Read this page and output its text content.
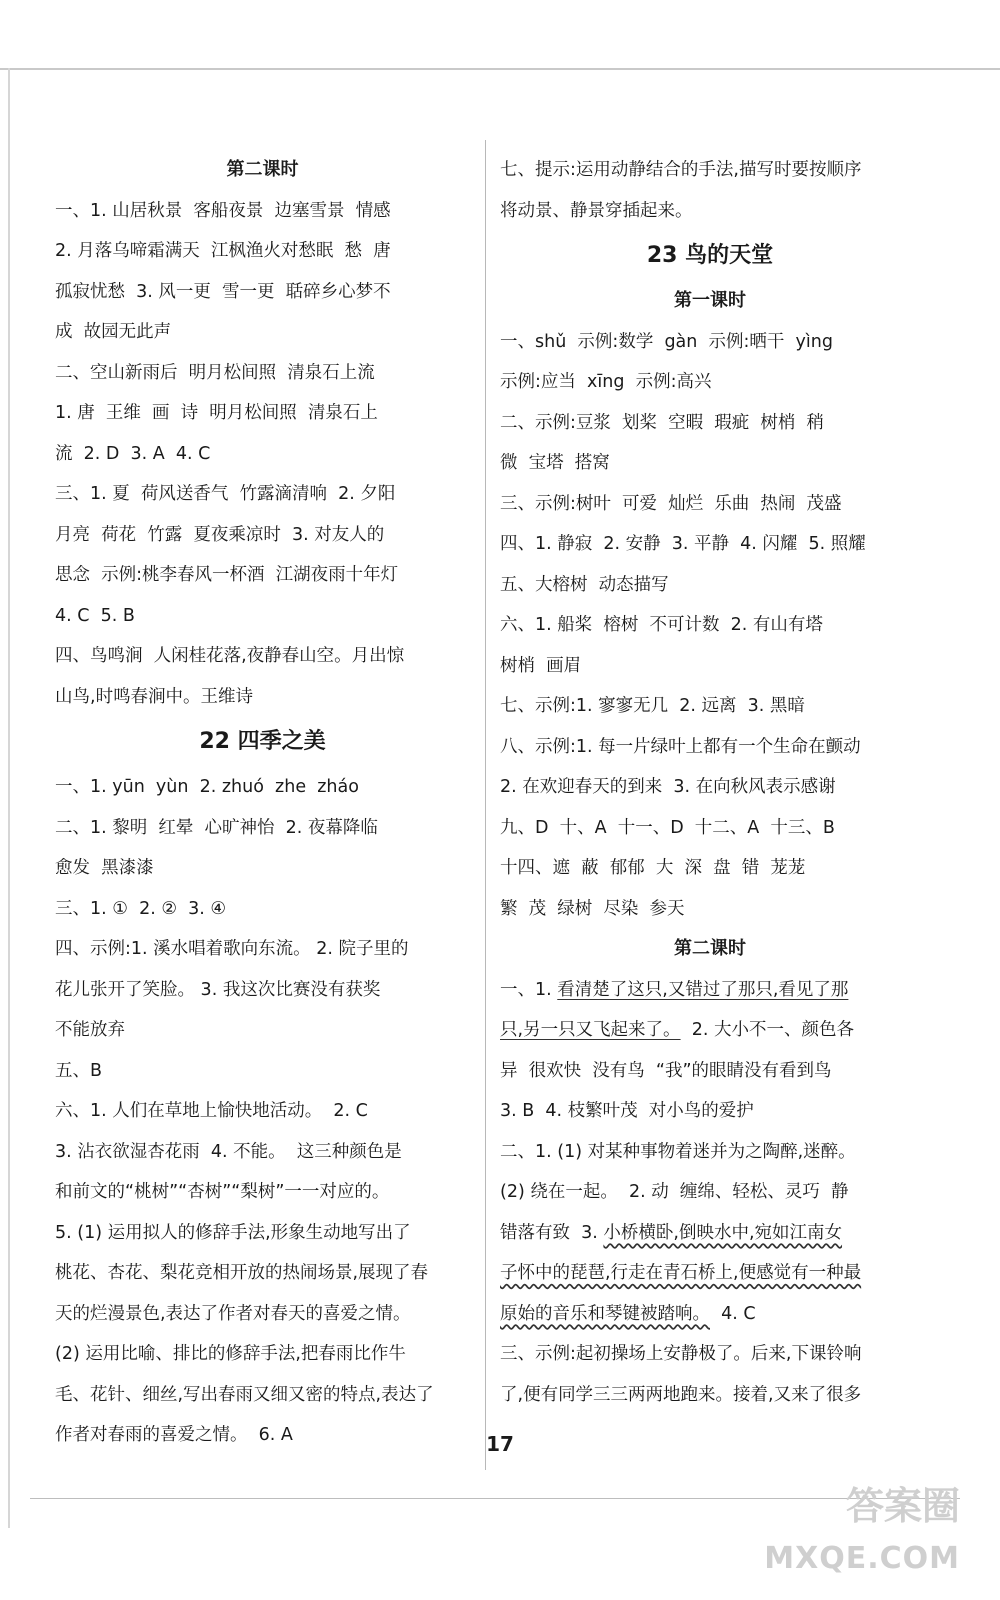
第二课时
一、1. 山居秋景  客船夜景  边塞雪景  情感
2. 月落乌啼霜满天  江枫渔火对愁眠  愁  唐
孤寂忧愁  3. 风一更  雪一更  聒碎乡心梦不
成  故园无此声
二、空山新雨后  明月松间照  清泉石上流
1. 唐  王维  画  诗  明月松间照  清泉石上
流  2. D  3. A  4. C
三、1. 夏  荷风送香气  竹露滴清响  2. 夕阳
月亮  荷花  竹露  夏夜乘凉时  3. 对友人的
思念  示例:桃李春风一杯酒  江湖夜雨十年灯
4. C  5. B
四、鸟鸣涧  人闲桂花落,夜静春山空。月出惊
山鸟,时鸣春涧中。王维诗
22 四季之美
一、1. yūn  yùn  2. zhuó  zhe  zháo
二、1. 黎明  红晕  心旷神怡  2. 夜幕降临
愈发  黑漆漆
三、1. ①  2. ②  3. ④
四、示例:1. 溪水唱着歌向东流。 2. 院子里的
花儿张开了笑脸。 3. 我这次比赛没有获奖
不能放弃
五、B
六、1. 人们在草地上愉快地活动。  2. C
3. 沾衣欲湿杏花雨  4. 不能。  这三种颜色是
和前文的“桃树”“杏树”“梨树”一一对应的。
5. (1) 运用拟人的修辞手法,形象生动地写出了
桃花、杏花、梨花竞相开放的热闹场景,展现了春
天的烂漫景色,表达了作者对春天的喜爱之情。
(2) 运用比喻、排比的修辞手法,把春雨比作牛
毛、花针、细丝,写出春雨又细又密的特点,表达了
作者对春雨的喜爱之情。  6. A
七、提示:运用动静结合的手法,描写时要按顺序
将动景、静景穿插起来。
23 鸟的天堂
第一课时
一、shǔ  示例:数学  gàn  示例:晒干  yìng
示例:应当  xīng  示例:高兴
二、示例:豆浆  划桨  空暇  瑕疵  树梢  稍
微  宝塔  搭窝
三、示例:树叶  可爱  灿烂  乐曲  热闹  茂盛
四、1. 静寂  2. 安静  3. 平静  4. 闪耀  5. 照耀
五、大榕树  动态描写
六、1. 船桨  榕树  不可计数  2. 有山有塔
树梢  画眉
七、示例:1. 寥寥无几  2. 远离  3. 黑暗
八、示例:1. 每一片绿叶上都有一个生命在颤动
2. 在欢迎春天的到来  3. 在向秋风表示感谢
九、D  十、A  十一、D  十二、A  十三、B
十四、遮  蔽  郁郁  大  深  盘  错  茏茏
繁  茂  绿树  尽染  参天
第二课时
一、1. 看清楚了这只,又错过了那只,看见了那
只,另一只又飞起来了。  2. 大小不一、颜色各
异  很欢快  没有鸟  “我”的眼睛没有看到鸟
3. B  4. 枝繁叶茂  对小鸟的爱护
二、1. (1) 对某种事物着迷并为之陶醉,迷醉。
(2) 绕在一起。  2. 动  缠绵、轻松、灵巧  静
错落有致  3. 小桥横卧,倒映水中,宛如江南女
子怀中的琵琶,行走在青石桥上,便感觉有一种最
原始的音乐和琴键被踏响。  4. C
三、示例:起初操场上安静极了。后来,下课铃响
了,便有同学三三两两地跑来。接着,又来了很多
17
答案圈
MXQE.COM
